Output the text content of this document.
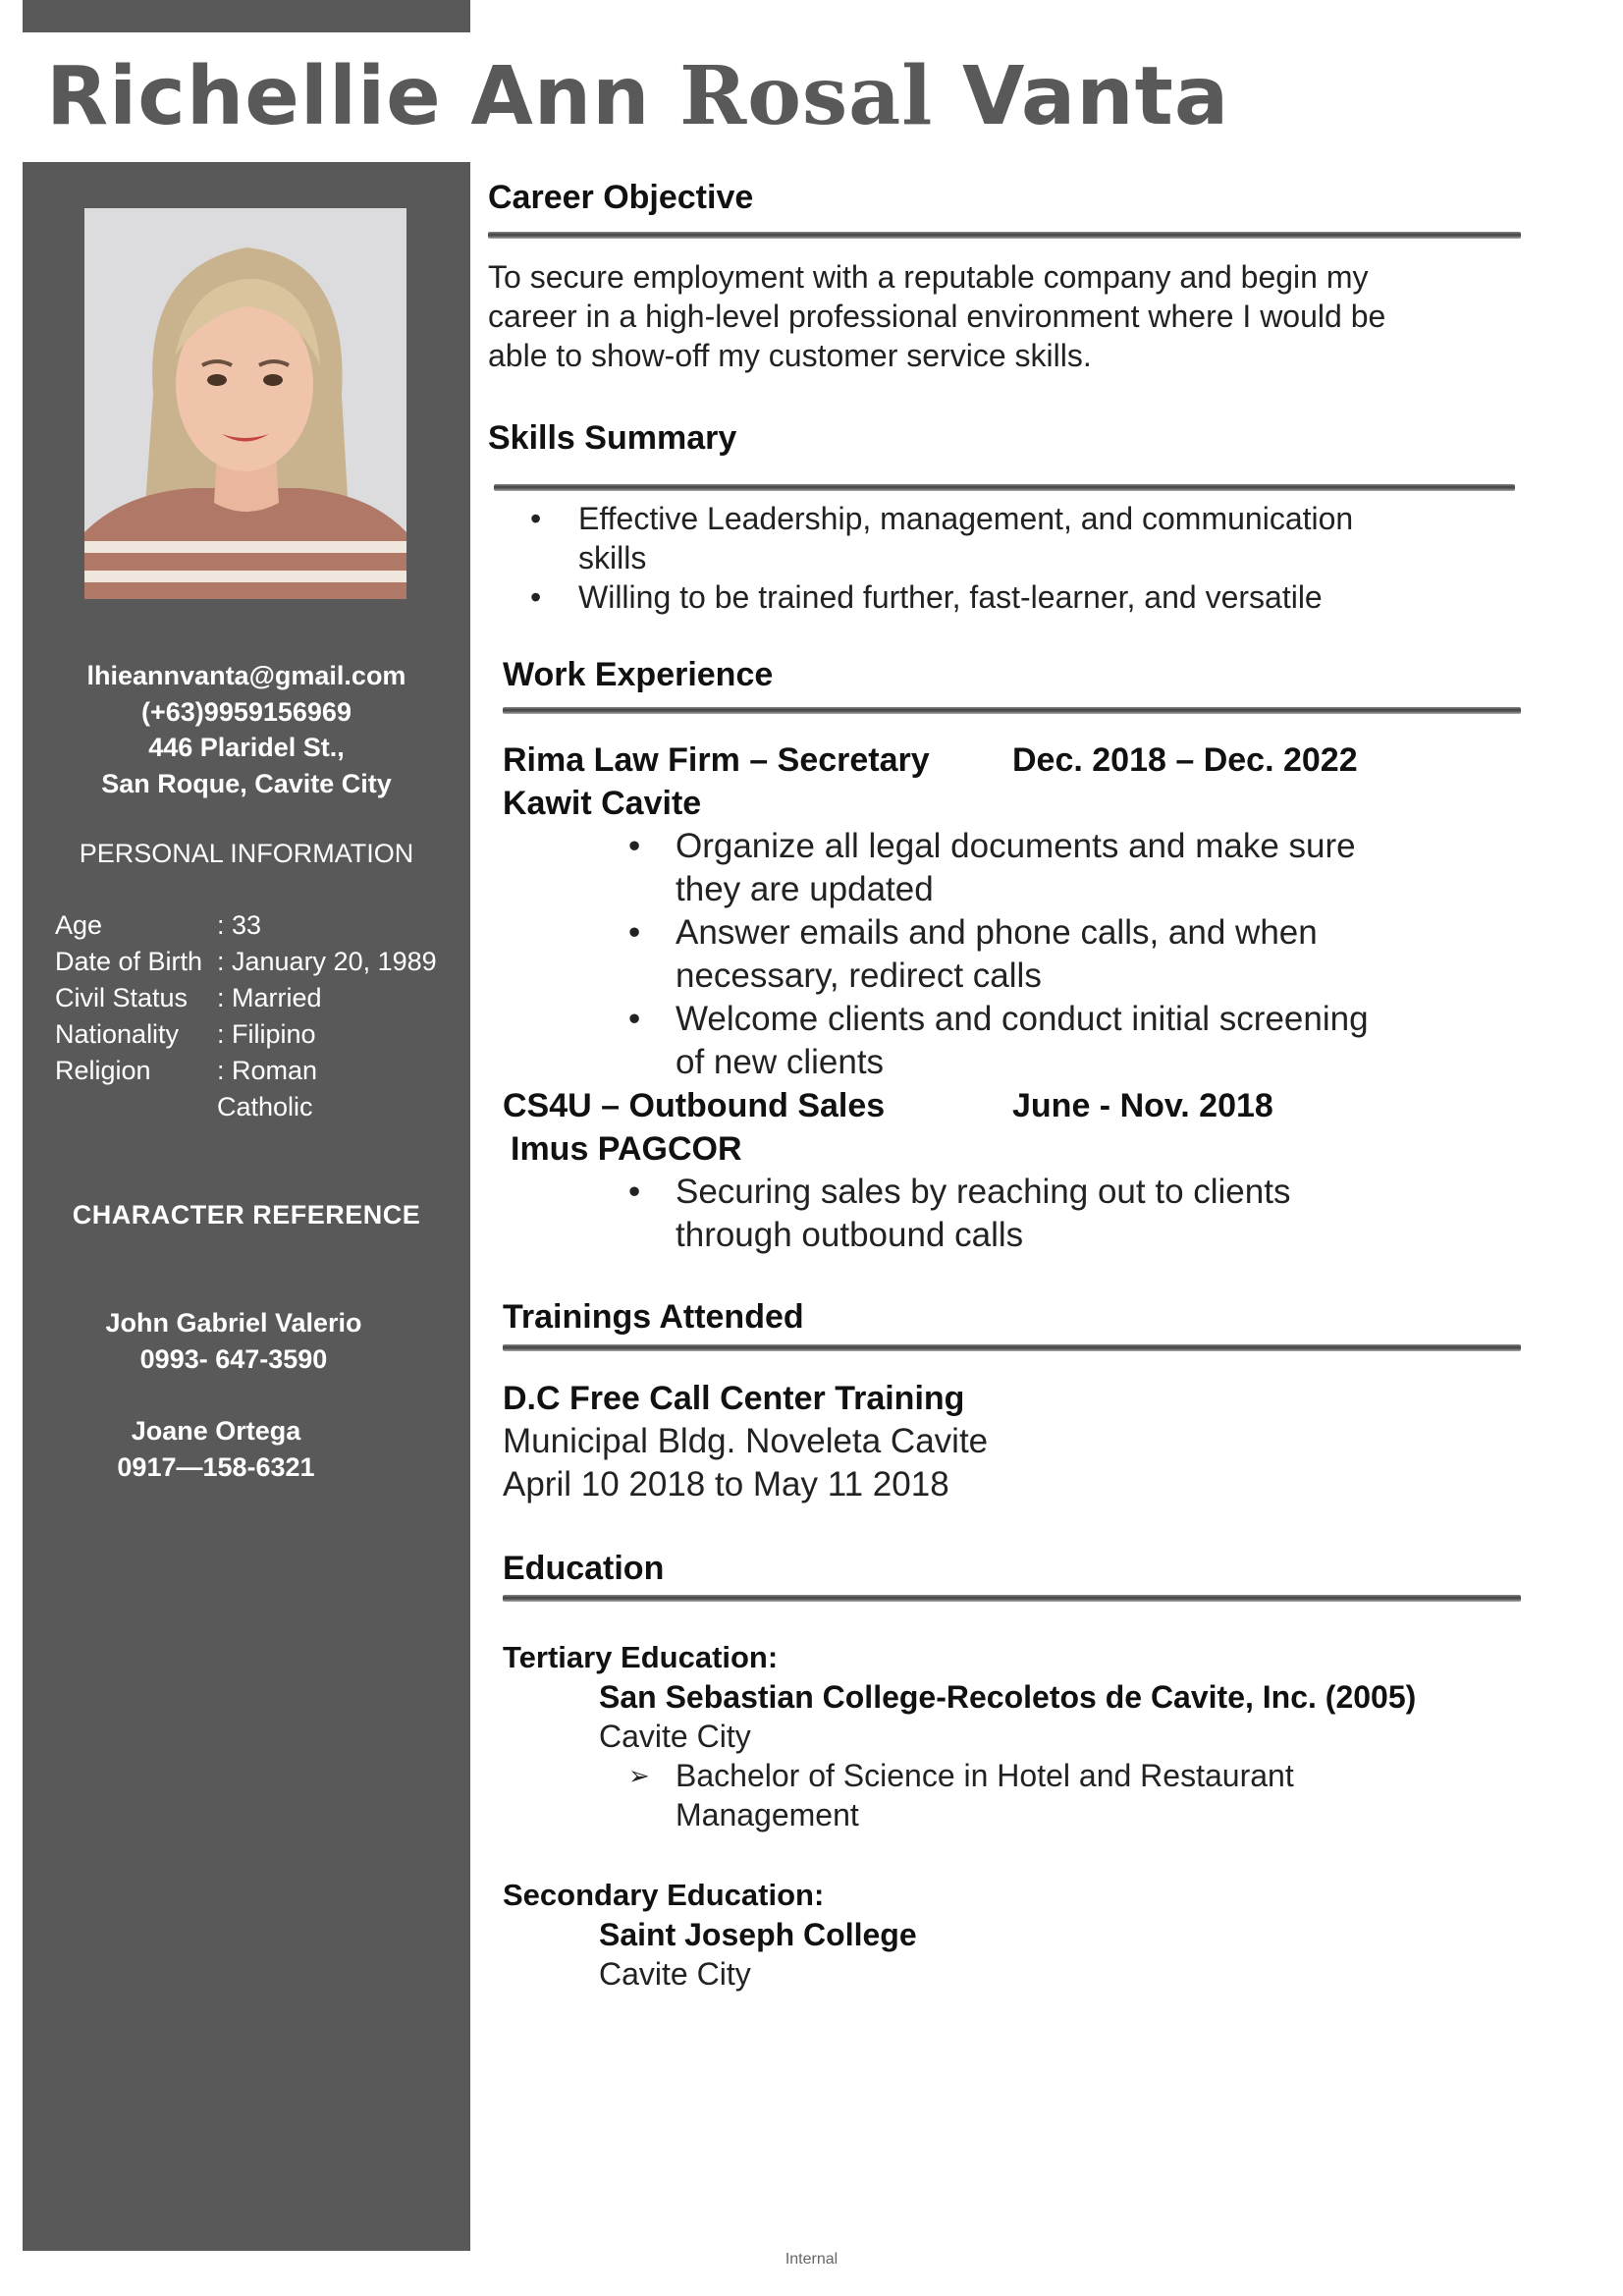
Richellie Ann Rosal Vanta
lhieannvanta@gmail.com
(+63)9959156969
446 Plaridel St.,
San Roque, Cavite City
PERSONAL INFORMATION
Age	: 33
Date of Birth : January 20, 1989
Civil Status : Married
Nationality : Filipino
Religion : Roman
Catholic
CHARACTER REFERENCE
John Gabriel Valerio
0993- 647-3590
Joane Ortega
0917—158-6321
Career Objective
To secure employment with a reputable company and begin my
career in a high-level professional environment where I would be
able to show-off my customer service skills.
Skills Summary
• Effective Leadership, management, and communication
skills
• Willing to be trained further, fast-learner, and versatile
Work Experience
Rima Law Firm – Secretary Dec. 2018 – Dec. 2022
Kawit Cavite
• Organize all legal documents and make sure
they are updated
• Answer emails and phone calls, and when
necessary, redirect calls
• Welcome clients and conduct initial screening
of new clients
CS4U – Outbound Sales	June - Nov. 2018
Imus PAGCOR
• Securing sales by reaching out to clients
through outbound calls
Trainings Attended
D.C Free Call Center Training
Municipal Bldg. Noveleta Cavite
April 10 2018 to May 11 2018
Education
Tertiary Education:
San Sebastian College-Recoletos de Cavite, Inc. (2005)
Cavite City
➢ Bachelor of Science in Hotel and Restaurant
Management
Secondary Education:
Saint Joseph College
Cavite City
Internal
